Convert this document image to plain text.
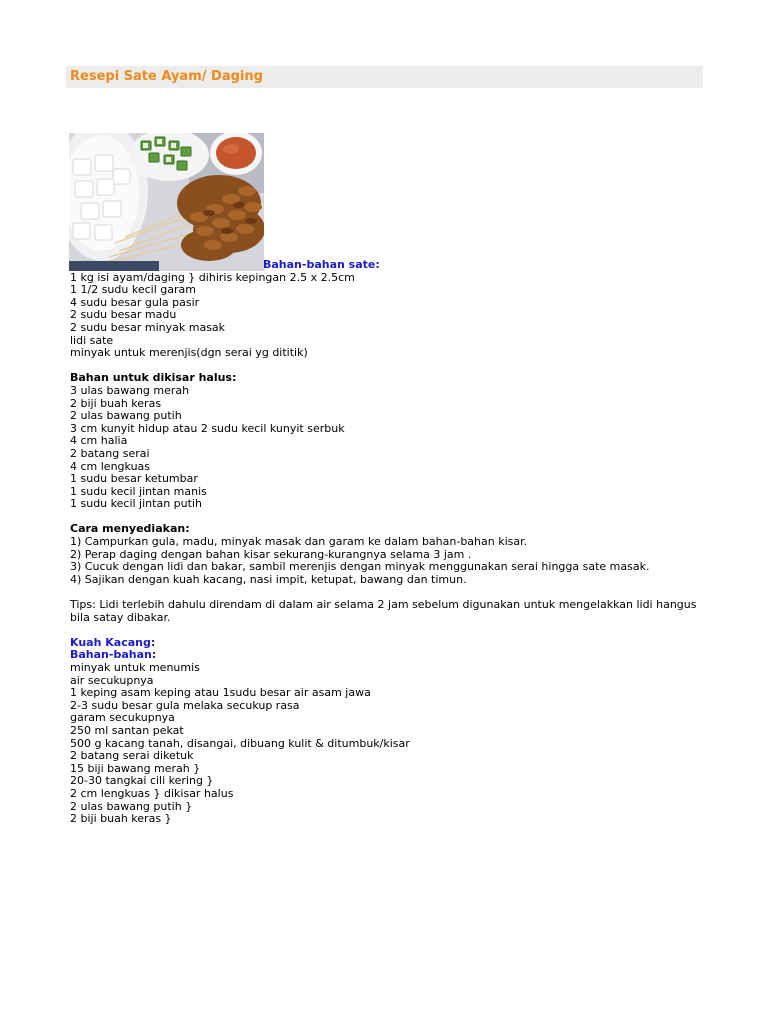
Resepi Sate Ayam/ Daging
Bahan-bahan sate:
1 kg isi ayam/daging } dihiris kepingan 2.5 x 2.5cm
1 1/2 sudu kecil garam
4 sudu besar gula pasir
2 sudu besar madu
2 sudu besar minyak masak
lidi sate
minyak untuk merenjis(dgn serai yg dititik)
Bahan untuk dikisar halus:
3 ulas bawang merah
2 biji buah keras
2 ulas bawang putih
3 cm kunyit hidup atau 2 sudu kecil kunyit serbuk
4 cm halia
2 batang serai
4 cm lengkuas
1 sudu besar ketumbar
1 sudu kecil jintan manis
1 sudu kecil jintan putih
Cara menyediakan:
1) Campurkan gula, madu, minyak masak dan garam ke dalam bahan-bahan kisar.
2) Perap daging dengan bahan kisar sekurang-kurangnya selama 3 jam .
3) Cucuk dengan lidi dan bakar, sambil merenjis dengan minyak menggunakan serai hingga sate masak.
4) Sajikan dengan kuah kacang, nasi impit, ketupat, bawang dan timun.
Tips: Lidi terlebih dahulu direndam di dalam air selama 2 jam sebelum digunakan untuk mengelakkan lidi hangus
bila satay dibakar.
Kuah Kacang:
Bahan-bahan:
minyak untuk menumis
air secukupnya
1 keping asam keping atau 1sudu besar air asam jawa
2-3 sudu besar gula melaka secukup rasa
garam secukupnya
250 ml santan pekat
500 g kacang tanah, disangai, dibuang kulit & ditumbuk/kisar
2 batang serai diketuk
15 biji bawang merah }
20-30 tangkai cili kering }
2 cm lengkuas } dikisar halus
2 ulas bawang putih }
2 biji buah keras }
